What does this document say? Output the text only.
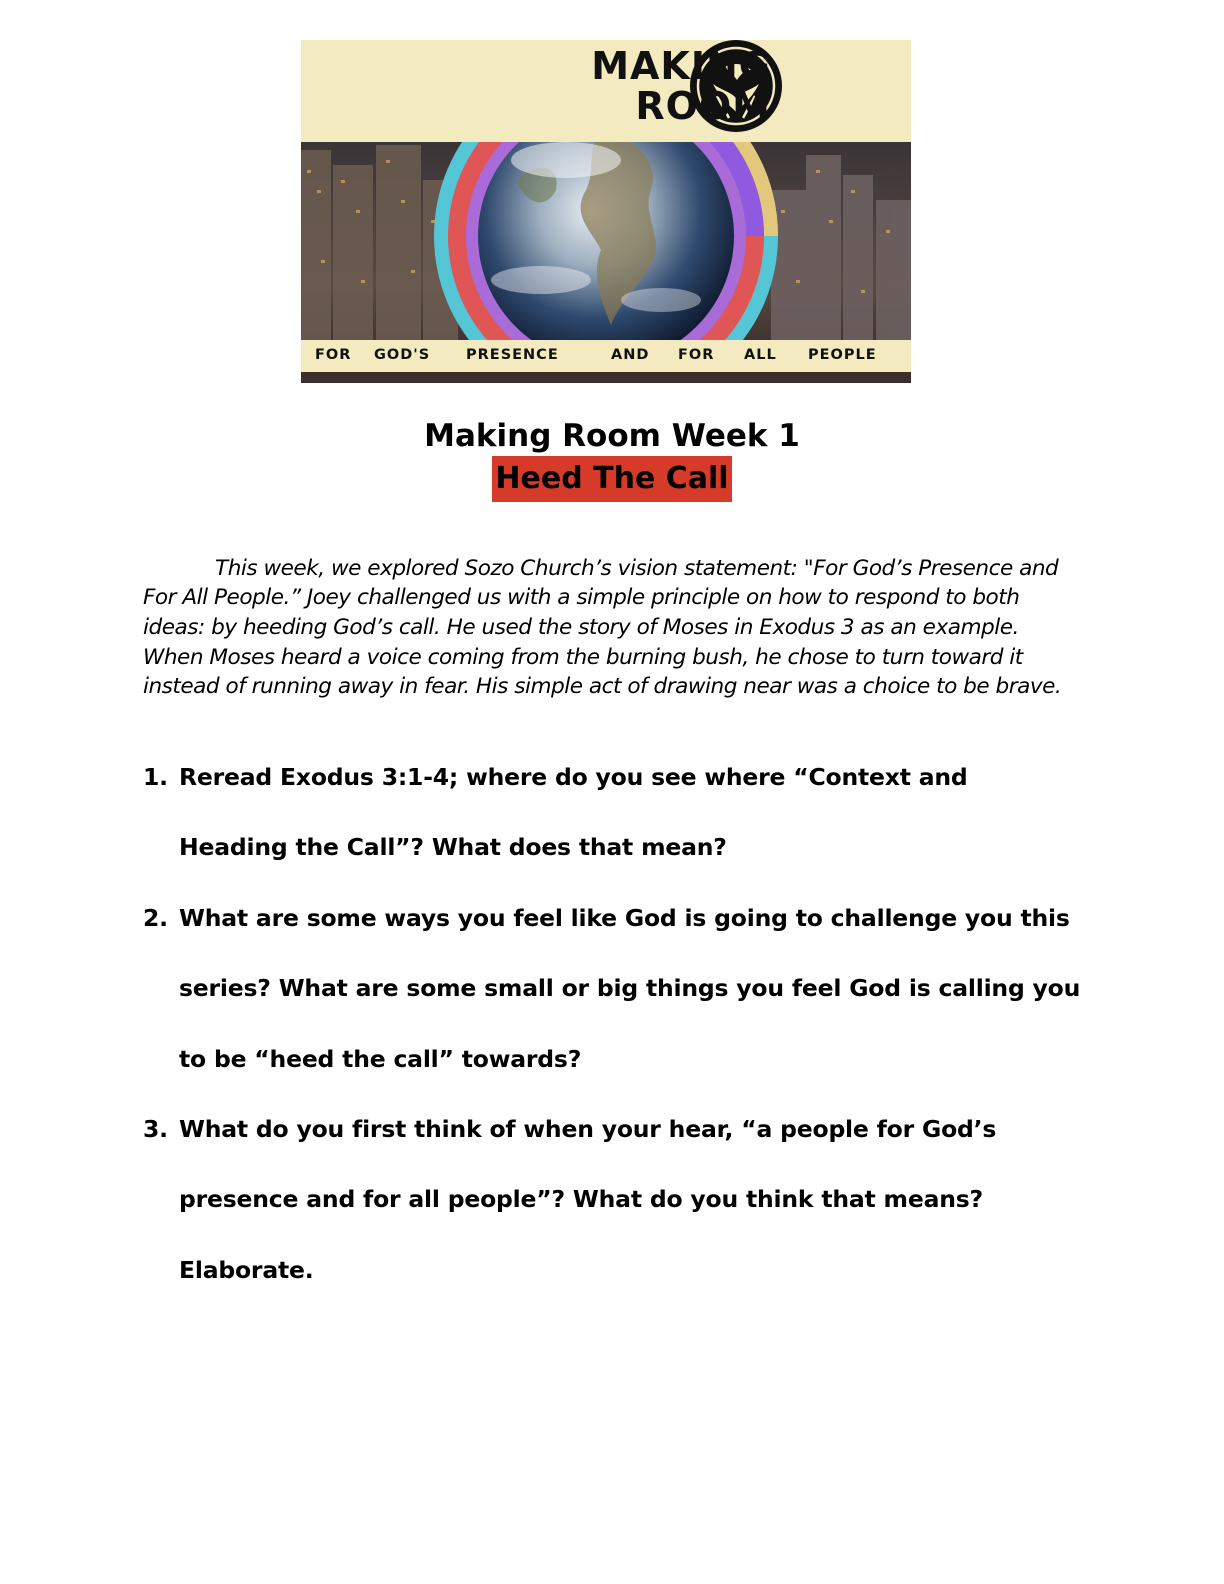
MAKING
ROOM
FOR GOD'S PRESENCE	AND FOR ALL PEOPLE
Making Room Week 1
Heed The Call

This week, we explored Sozo Church’s vision statement: "For God’s Presence and For All People.” Joey challenged us with a simple principle on how to respond to both ideas: by heeding God’s call. He used the story of Moses in Exodus 3 as an example. When Moses heard a voice coming from the burning bush, he chose to turn toward it instead of running away in fear. His simple act of drawing near was a choice to be brave.

1. Reread Exodus 3:1-4; where do you see where “Context and Heading the Call”? What does that mean?
2. What are some ways you feel like God is going to challenge you this series? What are some small or big things you feel God is calling you to be “heed the call” towards?
3. What do you first think of when your hear, “a people for God’s presence and for all people”? What do you think that means? Elaborate.
